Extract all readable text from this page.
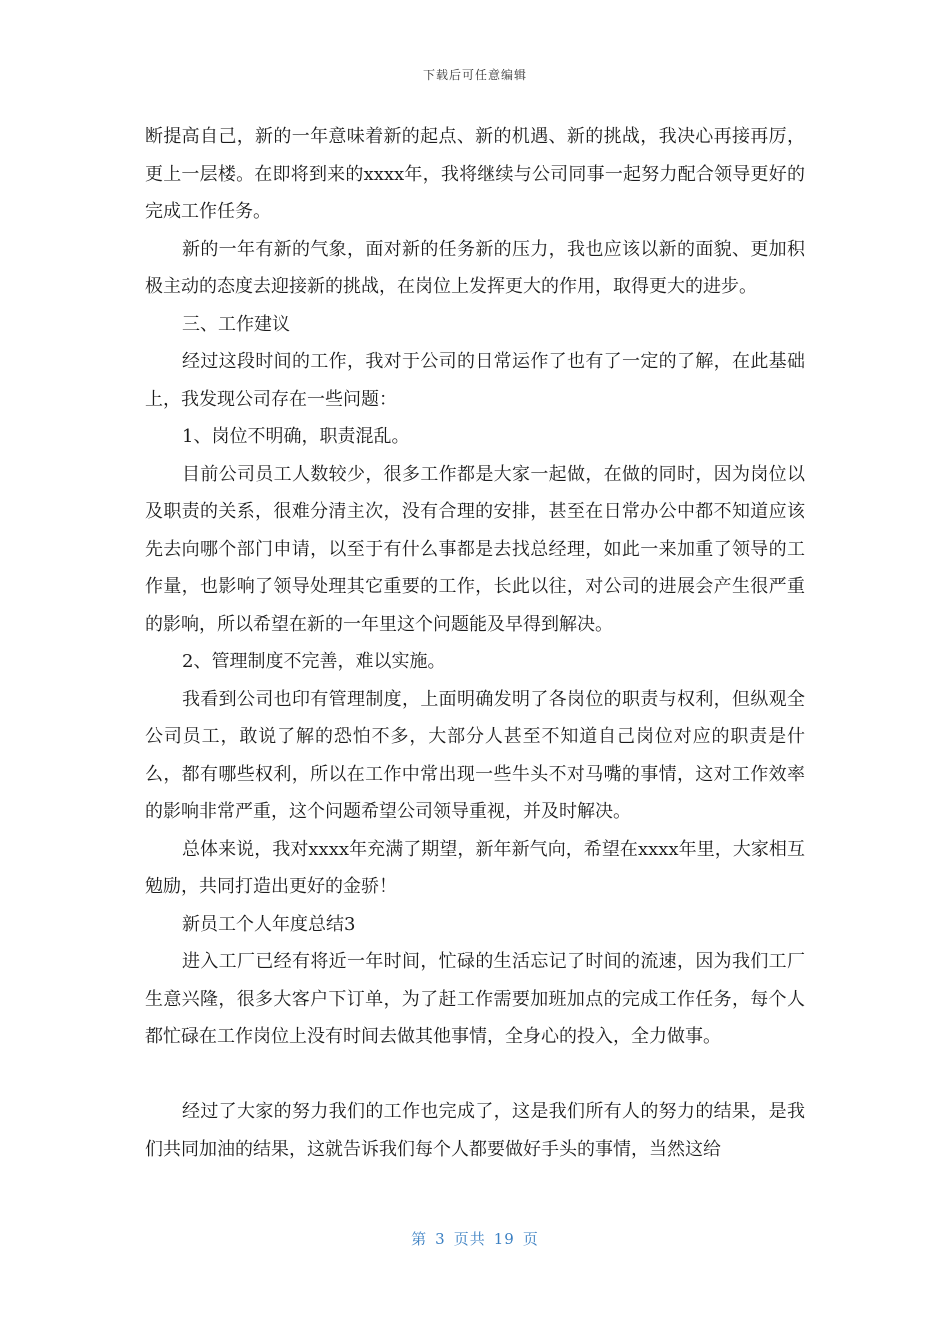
下载后可任意编辑

断提高自己，新的一年意味着新的起点、新的机遇、新的挑战，我决心再接再厉，更上一层楼。在即将到来的xxxx年，我将继续与公司同事一起努力配合领导更好的完成工作任务。

新的一年有新的气象，面对新的任务新的压力，我也应该以新的面貌、更加积极主动的态度去迎接新的挑战，在岗位上发挥更大的作用，取得更大的进步。

三、工作建议

经过这段时间的工作，我对于公司的日常运作了也有了一定的了解，在此基础上，我发现公司存在一些问题：

1、岗位不明确，职责混乱。

目前公司员工人数较少，很多工作都是大家一起做，在做的同时，因为岗位以及职责的关系，很难分清主次，没有合理的安排，甚至在日常办公中都不知道应该先去向哪个部门申请，以至于有什么事都是去找总经理，如此一来加重了领导的工作量，也影响了领导处理其它重要的工作，长此以往，对公司的进展会产生很严重的影响，所以希望在新的一年里这个问题能及早得到解决。

2、管理制度不完善，难以实施。

我看到公司也印有管理制度，上面明确发明了各岗位的职责与权利，但纵观全公司员工，敢说了解的恐怕不多，大部分人甚至不知道自己岗位对应的职责是什么，都有哪些权利，所以在工作中常出现一些牛头不对马嘴的事情，这对工作效率的影响非常严重，这个问题希望公司领导重视，并及时解决。

总体来说，我对xxxx年充满了期望，新年新气向，希望在xxxx年里，大家相互勉励，共同打造出更好的金骄！

新员工个人年度总结3

进入工厂已经有将近一年时间，忙碌的生活忘记了时间的流速，因为我们工厂生意兴隆，很多大客户下订单，为了赶工作需要加班加点的完成工作任务，每个人都忙碌在工作岗位上没有时间去做其他事情，全身心的投入，全力做事。

经过了大家的努力我们的工作也完成了，这是我们所有人的努力的结果，是我们共同加油的结果，这就告诉我们每个人都要做好手头的事情，当然这给

第 3 页共 19 页
